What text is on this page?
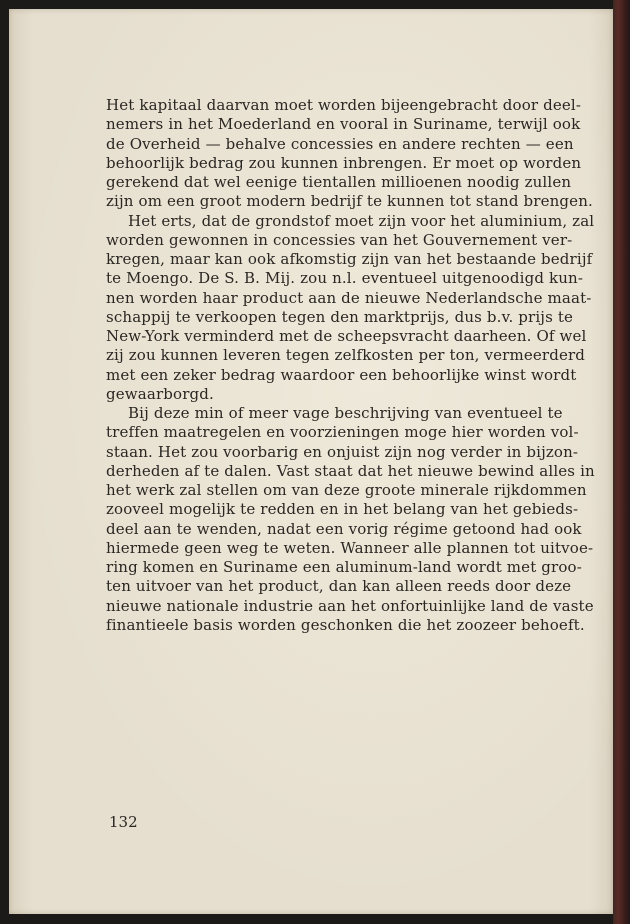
Het kapitaal daarvan moet worden bijeengebracht door deel-
nemers in het Moederland en vooral in Suriname, terwijl ook
de Overheid — behalve concessies en andere rechten — een
behoorlijk bedrag zou kunnen inbrengen. Er moet op worden
gerekend dat wel eenige tientallen millioenen noodig zullen
zijn om een groot modern bedrijf te kunnen tot stand brengen.

Het erts, dat de grondstof moet zijn voor het aluminium, zal
worden gewonnen in concessies van het Gouvernement ver-
kregen, maar kan ook afkomstig zijn van het bestaande bedrijf
te Moengo. De S. B. Mij. zou n.l. eventueel uitgenoodigd kun-
nen worden haar product aan de nieuwe Nederlandsche maat-
schappij te verkoopen tegen den marktprijs, dus b.v. prijs te
New-York verminderd met de scheepsvracht daarheen. Of wel
zij zou kunnen leveren tegen zelfkosten per ton, vermeerderd
met een zeker bedrag waardoor een behoorlijke winst wordt
gewaarborgd.

Bij deze min of meer vage beschrijving van eventueel te
treffen maatregelen en voorzieningen moge hier worden vol-
staan. Het zou voorbarig en onjuist zijn nog verder in bijzon-
derheden af te dalen. Vast staat dat het nieuwe bewind alles in
het werk zal stellen om van deze groote minerale rijkdommen
zooveel mogelijk te redden en in het belang van het gebieds-
deel aan te wenden, nadat een vorig régime getoond had ook
hiermede geen weg te weten. Wanneer alle plannen tot uitvoe-
ring komen en Suriname een aluminum-land wordt met groo-
ten uitvoer van het product, dan kan alleen reeds door deze
nieuwe nationale industrie aan het onfortuinlijke land de vaste
finantieele basis worden geschonken die het zoozeer behoeft.

132
